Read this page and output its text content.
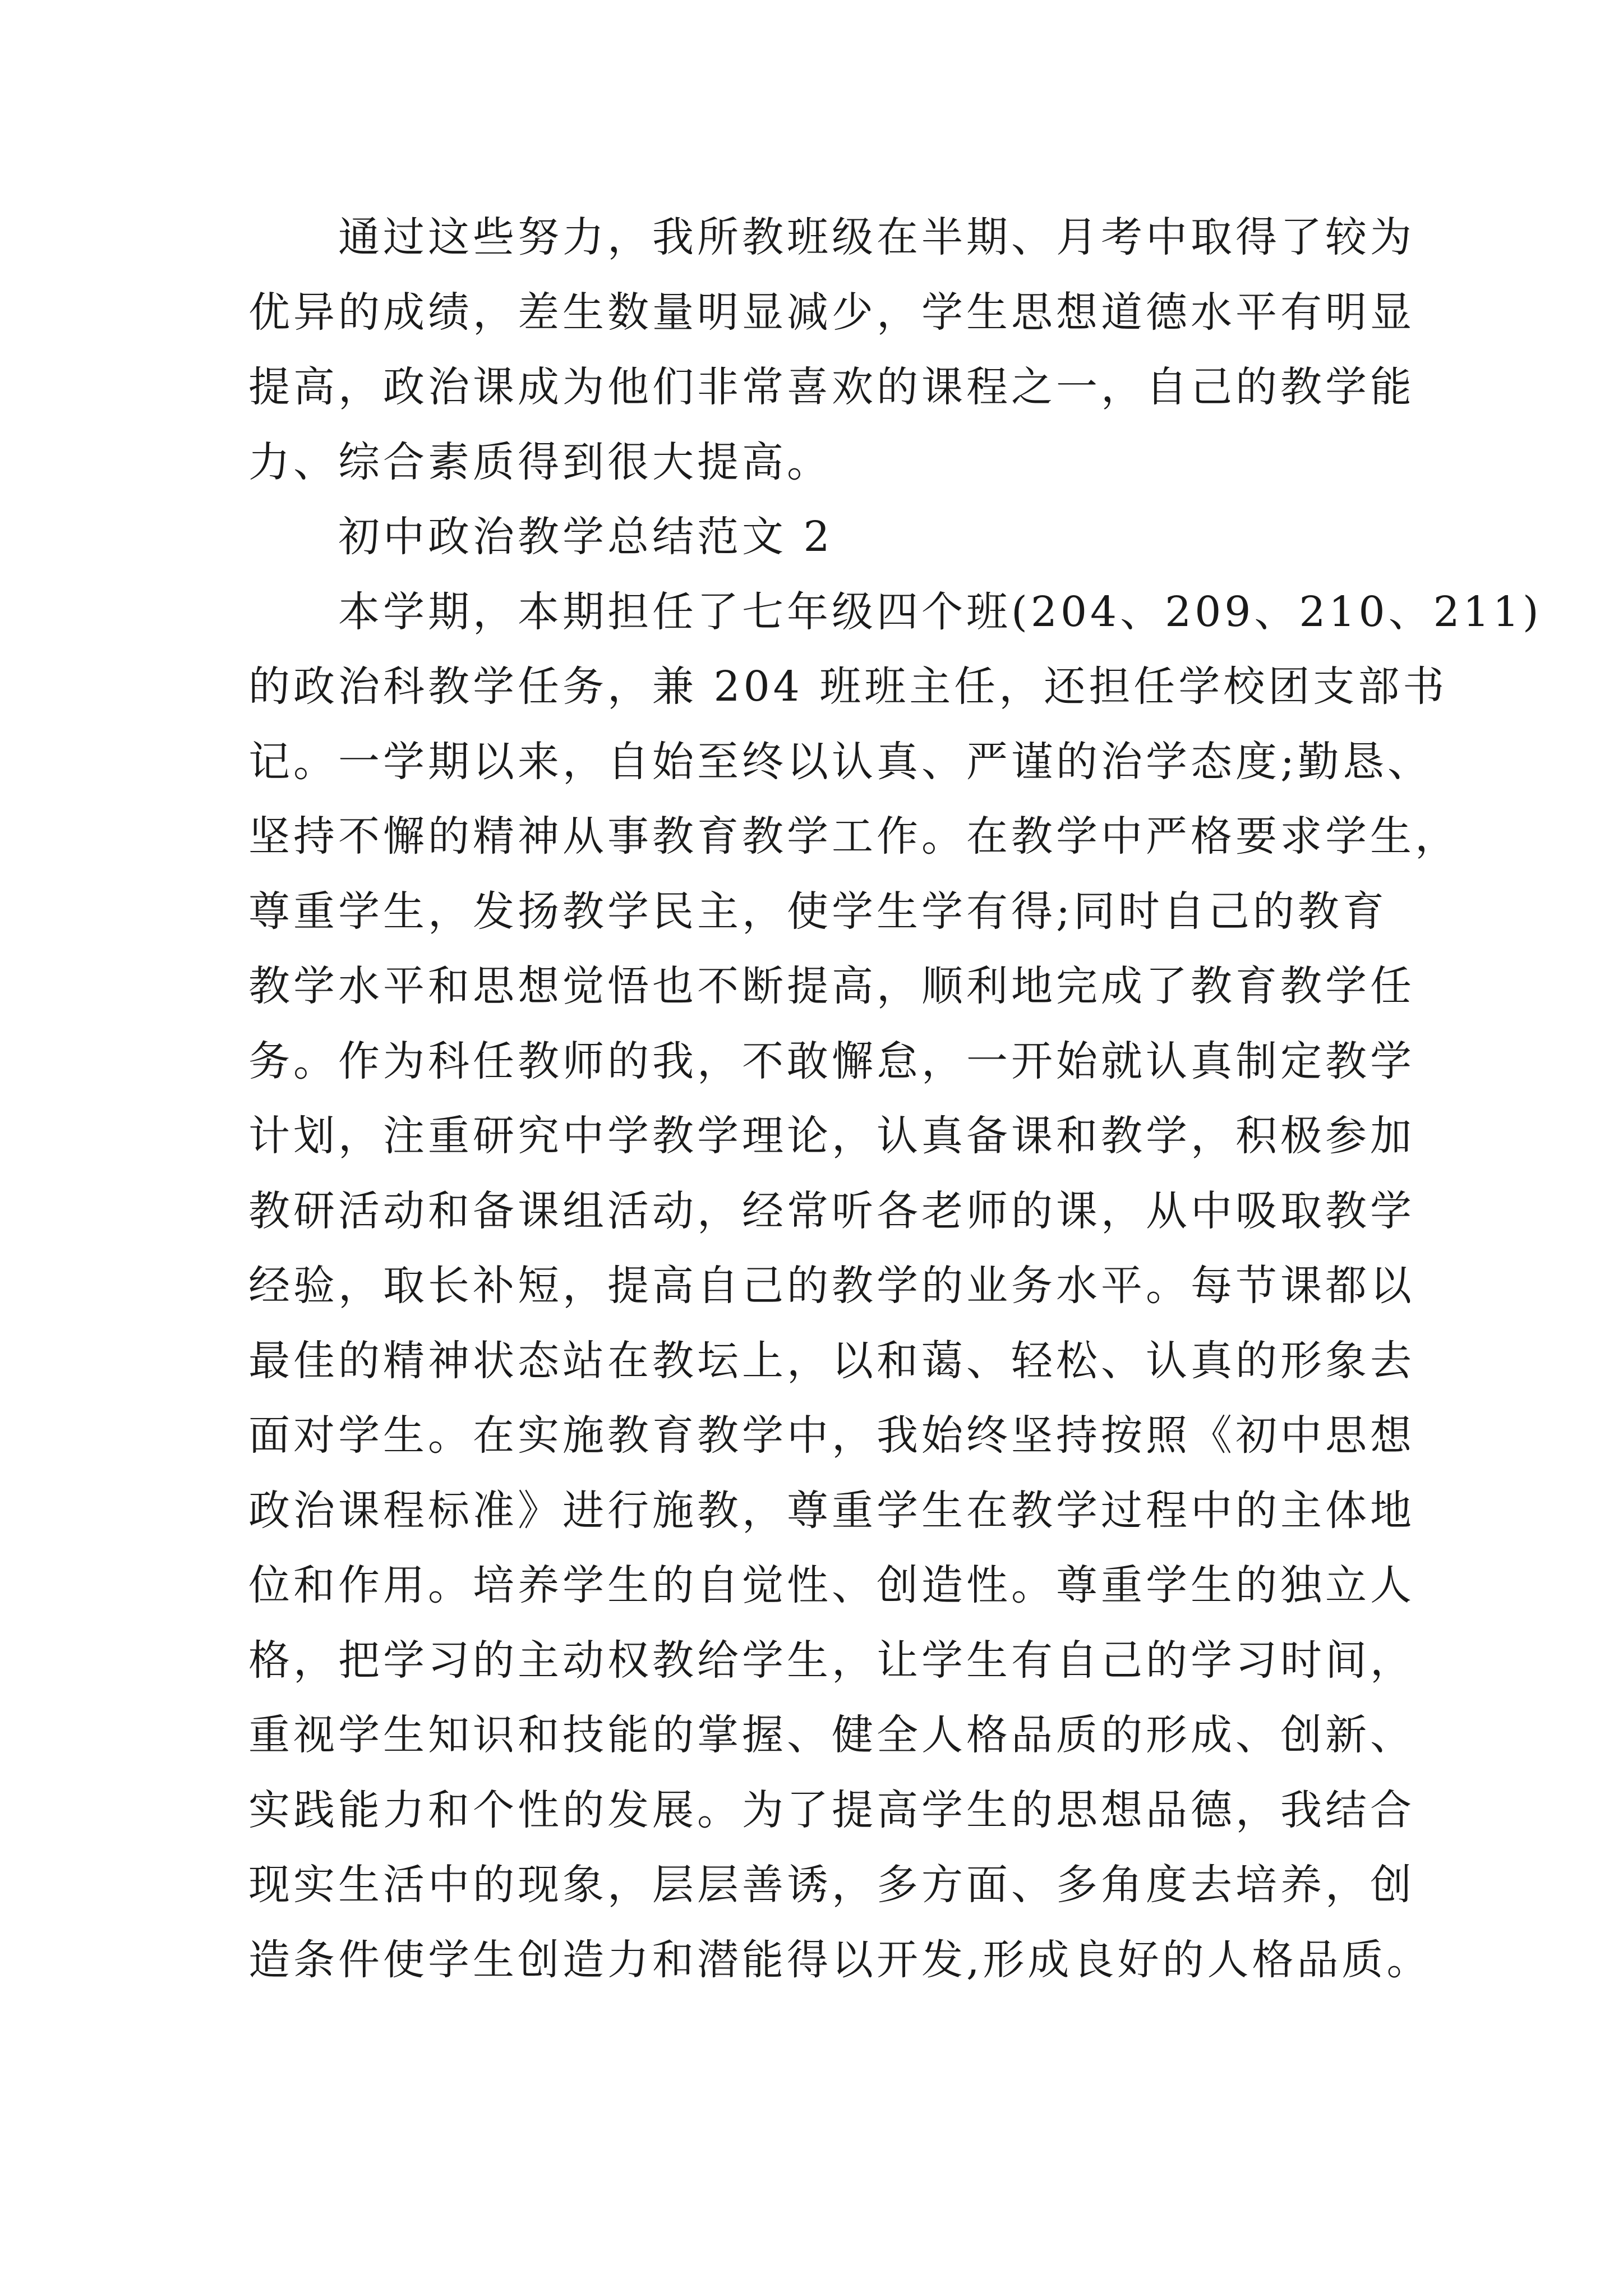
通过这些努力，我所教班级在半期、月考中取得了较为
优异的成绩，差生数量明显减少，学生思想道德水平有明显
提高，政治课成为他们非常喜欢的课程之一，自己的教学能
力、综合素质得到很大提高。
初中政治教学总结范文 2
本学期，本期担任了七年级四个班(204、209、210、211)
的政治科教学任务，兼 204 班班主任，还担任学校团支部书
记。一学期以来，自始至终以认真、严谨的治学态度;勤恳、
坚持不懈的精神从事教育教学工作。在教学中严格要求学生，
尊重学生，发扬教学民主，使学生学有得;同时自己的教育
教学水平和思想觉悟也不断提高，顺利地完成了教育教学任
务。作为科任教师的我，不敢懈怠，一开始就认真制定教学
计划，注重研究中学教学理论，认真备课和教学，积极参加
教研活动和备课组活动，经常听各老师的课，从中吸取教学
经验，取长补短，提高自己的教学的业务水平。每节课都以
最佳的精神状态站在教坛上，以和蔼、轻松、认真的形象去
面对学生。在实施教育教学中，我始终坚持按照《初中思想
政治课程标准》进行施教，尊重学生在教学过程中的主体地
位和作用。培养学生的自觉性、创造性。尊重学生的独立人
格，把学习的主动权教给学生，让学生有自己的学习时间，
重视学生知识和技能的掌握、健全人格品质的形成、创新、
实践能力和个性的发展。为了提高学生的思想品德，我结合
现实生活中的现象，层层善诱，多方面、多角度去培养，创
造条件使学生创造力和潜能得以开发,形成良好的人格品质。
